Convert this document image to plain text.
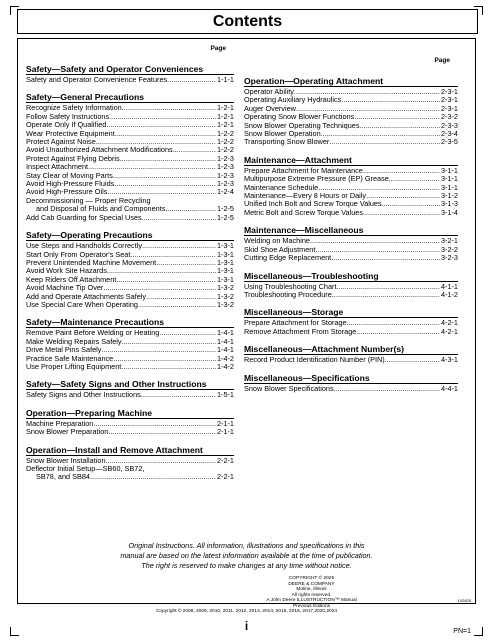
Contents
Page
Safety—Safety and Operator Conveniences
Safety and Operator Convenience Features .....	1-1-1
Safety—General Precautions
Recognize Safety Information .....	1-2-1
Follow Safety Instructions .....	1-2-1
Operate Only If Qualified .....	1-2-1
Wear Protective Equipment .....	1-2-2
Protect Against Noise .....	1-2-2
Avoid Unauthorized Attachment Modifications .....	1-2-2
Protect Against Flying Debris .....	1-2-3
Inspect Attachment .....	1-2-3
Stay Clear of Moving Parts .....	1-2-3
Avoid High-Pressure Fluids .....	1-2-3
Avoid High-Pressure Oils .....	1-2-4
Decommissioning — Proper Recycling
and Disposal of Fluids and Components .....	1-2-5
Add Cab Guarding for Special Uses .....	1-2-5
Safety—Operating Precautions
Use Steps and Handholds Correctly .....	1-3-1
Start Only From Operator's Seat .....	1-3-1
Prevent Unintended Machine Movement .....	1-3-1
Avoid Work Site Hazards .....	1-3-1
Keep Riders Off Attachment .....	1-3-1
Avoid Machine Tip Over .....	1-3-2
Add and Operate Attachments Safely .....	1-3-2
Use Special Care When Operating .....	1-3-2
Safety—Maintenance Precautions
Remove Paint Before Welding or Heating .....	1-4-1
Make Welding Repairs Safely .....	1-4-1
Drive Metal Pins Safely .....	1-4-1
Practice Safe Maintenance .....	1-4-2
Use Proper Lifting Equipment .....	1-4-2
Safety—Safety Signs and Other Instructions
Safety Signs and Other Instructions .....	1-5-1
Operation—Preparing Machine
Machine Preparation .....	2-1-1
Snow Blower Preparation .....	2-1-1
Operation—Install and Remove Attachment
Snow Blower Installation .....	2-2-1
Deflector Initial Setup—SB60, SB72,
SB78, and SB84 .....	2-2-1
Page
Operation—Operating Attachment
Operator Ability .....	2-3-1
Operating Auxiliary Hydraulics .....	2-3-1
Auger Overview .....	2-3-1
Operating Snow Blower Functions .....	2-3-2
Snow Blower Operating Techniques .....	2-3-3
Snow Blower Operation .....	2-3-4
Transporting Snow Blower .....	2-3-5
Maintenance—Attachment
Prepare Attachment for Maintenance .....	3-1-1
Multipurpose Extreme Pressure (EP) Grease .....	3-1-1
Maintenance Schedule .....	3-1-1
Maintenance—Every 8 Hours or Daily .....	3-1-2
Unified Inch Bolt and Screw Torque Values .....	3-1-3
Metric Bolt and Screw Torque Values .....	3-1-4
Maintenance—Miscellaneous
Welding on Machine .....	3-2-1
Skid Shoe Adjustment .....	3-2-2
Cutting Edge Replacement .....	3-2-3
Miscellaneous—Troubleshooting
Using Troubleshooting Chart .....	4-1-1
Troubleshooting Procedure .....	4-1-2
Miscellaneous—Storage
Prepare Attachment for Storage .....	4-2-1
Remove Attachment From Storage .....	4-2-1
Miscellaneous—Attachment Number(s)
Record Product Identification Number (PIN) .....	4-3-1
Miscellaneous—Specifications
Snow Blower Specifications .....	4-4-1
Original Instructions. All information, illustrations and specifications in this
manual are based on the latest information available at the time of publication.
The right is reserved to make changes at any time without notice.
COPYRIGHT © 2025
DEERE & COMPANY
Moline, Illinois
All rights reserved.
A John Deere ILLUSTRUCTION™ Manual
Previous Editions
Copyright © 2008, 2009, 2010, 2011, 2012, 2013, 2014, 2015, 2016, 2017,2020,2024
102825
i	PN=1
